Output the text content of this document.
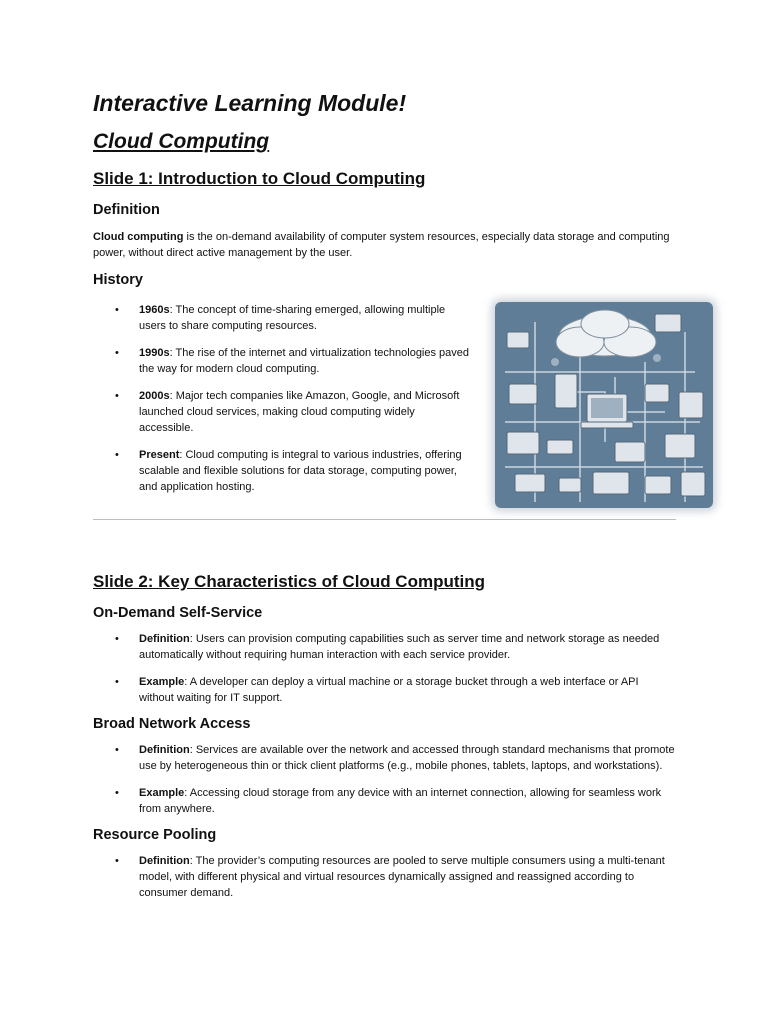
Interactive Learning Module!
Cloud Computing
Slide 1: Introduction to Cloud Computing
Definition

Cloud computing is the on-demand availability of computer system resources, especially data storage and computing power, without direct active management by the user.

History
• 1960s: The concept of time-sharing emerged, allowing multiple users to share computing resources.
• 1990s: The rise of the internet and virtualization technologies paved the way for modern cloud computing.
• 2000s: Major tech companies like Amazon, Google, and Microsoft launched cloud services, making cloud computing widely accessible.
• Present: Cloud computing is integral to various industries, offering scalable and flexible solutions for data storage, computing power, and application hosting.
Slide 2: Key Characteristics of Cloud Computing
On-Demand Self-Service
• Definition: Users can provision computing capabilities such as server time and network storage as needed automatically without requiring human interaction with each service provider.
• Example: A developer can deploy a virtual machine or a storage bucket through a web interface or API without waiting for IT support.
Broad Network Access
• Definition: Services are available over the network and accessed through standard mechanisms that promote use by heterogeneous thin or thick client platforms (e.g., mobile phones, tablets, laptops, and workstations).
• Example: Accessing cloud storage from any device with an internet connection, allowing for seamless work from anywhere.
Resource Pooling
• Definition: The provider’s computing resources are pooled to serve multiple consumers using a multi-tenant model, with different physical and virtual resources dynamically assigned and reassigned according to consumer demand.
